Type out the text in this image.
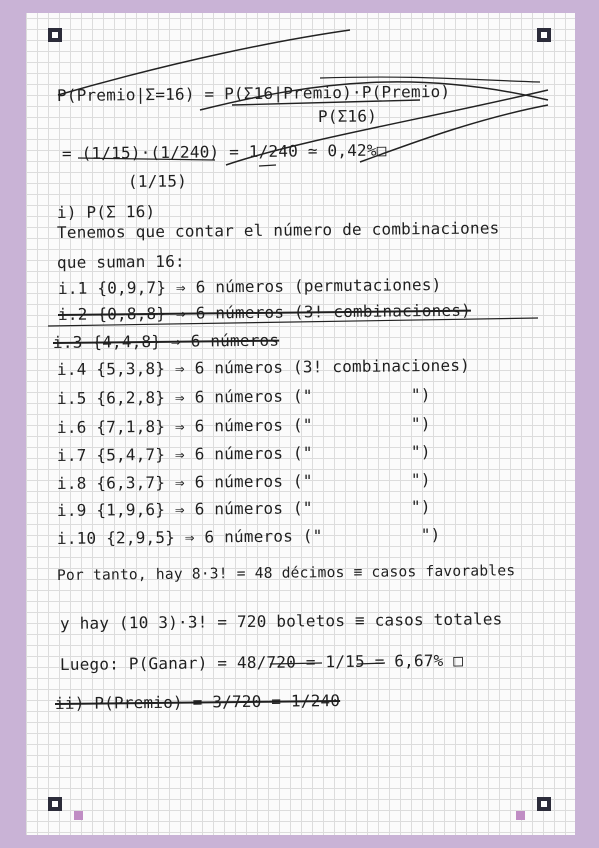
P(Premio|Σ=16) = P(Σ16|Premio)·P(Premio)
P(Σ16)
= (1/15)·(1/240) = 1/240 ≃ 0,42%□
(1/15)
i) P(Σ 16)
Tenemos que contar el número de combinaciones
que suman 16:
i.1 {0,9,7} ⇒ 6 números (permutaciones)
i.2 {0,8,8} ⇒ 6 números (3! combinaciones)
i.3 {4,4,8} ⇒ 6 números
i.4 {5,3,8} ⇒ 6 números (3! combinaciones)
i.5 {6,2,8} ⇒ 6 números ("          ")
i.6 {7,1,8} ⇒ 6 números ("          ")
i.7 {5,4,7} ⇒ 6 números ("          ")
i.8 {6,3,7} ⇒ 6 números ("          ")
i.9 {1,9,6} ⇒ 6 números ("          ")
i.10 {2,9,5} ⇒ 6 números ("          ")
Por tanto, hay 8·3! = 48 décimos ≡ casos favorables
y hay (10 3)·3! = 720 boletos ≡ casos totales
Luego: P(Ganar) = 48/720 = 1/15 = 6,67% □
ii) P(Premio) = 3/720 = 1/240
